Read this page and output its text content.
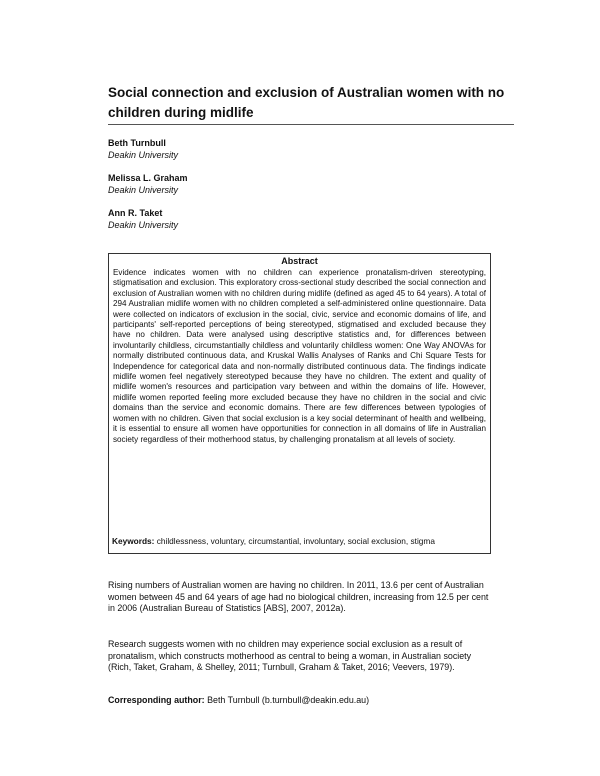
Social connection and exclusion of Australian women with no children during midlife
Beth Turnbull
Deakin University
Melissa L. Graham
Deakin University
Ann R. Taket
Deakin University
Abstract
Evidence indicates women with no children can experience pronatalism-driven stereotyping, stigmatisation and exclusion. This exploratory cross-sectional study described the social connection and exclusion of Australian women with no children during midlife (defined as aged 45 to 64 years). A total of 294 Australian midlife women with no children completed a self-administered online questionnaire. Data were collected on indicators of exclusion in the social, civic, service and economic domains of life, and participants' self-reported perceptions of being stereotyped, stigmatised and excluded because they have no children. Data were analysed using descriptive statistics and, for differences between involuntarily childless, circumstantially childless and voluntarily childless women: One Way ANOVAs for normally distributed continuous data, and Kruskal Wallis Analyses of Ranks and Chi Square Tests for Independence for categorical data and non-normally distributed continuous data. The findings indicate midlife women feel negatively stereotyped because they have no children. The extent and quality of midlife women's resources and participation vary between and within the domains of life. However, midlife women reported feeling more excluded because they have no children in the social and civic domains than the service and economic domains. There are few differences between typologies of women with no children. Given that social exclusion is a key social determinant of health and wellbeing, it is essential to ensure all women have opportunities for connection in all domains of life in Australian society regardless of their motherhood status, by challenging pronatalism at all levels of society.
Keywords: childlessness, voluntary, circumstantial, involuntary, social exclusion, stigma
Rising numbers of Australian women are having no children. In 2011, 13.6 per cent of Australian women between 45 and 64 years of age had no biological children, increasing from 12.5 per cent in 2006 (Australian Bureau of Statistics [ABS], 2007, 2012a).
Research suggests women with no children may experience social exclusion as a result of pronatalism, which constructs motherhood as central to being a woman, in Australian society (Rich, Taket, Graham, & Shelley, 2011; Turnbull, Graham & Taket, 2016; Veevers, 1979).
Corresponding author: Beth Turnbull (b.turnbull@deakin.edu.au)
